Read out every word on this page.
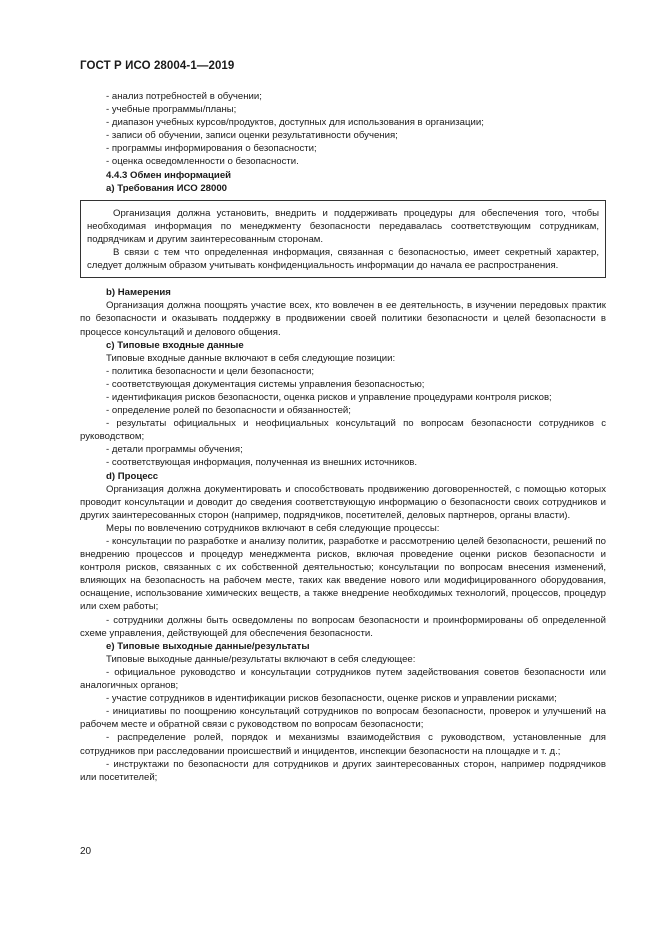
ГОСТ Р ИСО 28004-1—2019

- анализ потребностей в обучении;

- учебные программы/планы;

- диапазон учебных курсов/продуктов, доступных для использования в организации;

- записи об обучении, записи оценки результативности обучения;

- программы информирования о безопасности;

- оценка осведомленности о безопасности.

4.4.3 Обмен информацией

a) Требования ИСО 28000

Организация должна установить, внедрить и поддерживать процедуры для обеспечения того, чтобы необходимая информация по менеджменту безопасности передавалась соответствующим сотрудникам, подрядчикам и другим заинтересованным сторонам.

В связи с тем что определенная информация, связанная с безопасностью, имеет секретный характер, следует должным образом учитывать конфиденциальность информации до начала ее распространения.

b) Намерения

Организация должна поощрять участие всех, кто вовлечен в ее деятельность, в изучении передовых практик по безопасности и оказывать поддержку в продвижении своей политики безопасности и целей безопасности в процессе консультаций и делового общения.

c) Типовые входные данные

Типовые входные данные включают в себя следующие позиции:

- политика безопасности и цели безопасности;

- соответствующая документация системы управления безопасностью;

- идентификация рисков безопасности, оценка рисков и управление процедурами контроля рисков;

- определение ролей по безопасности и обязанностей;

- результаты официальных и неофициальных консультаций по вопросам безопасности сотрудников с руководством;

- детали программы обучения;

- соответствующая информация, полученная из внешних источников.

d) Процесс

Организация должна документировать и способствовать продвижению договоренностей, с помощью которых проводит консультации и доводит до сведения соответствующую информацию о безопасности своих сотрудников и других заинтересованных сторон (например, подрядчиков, посетителей, деловых партнеров, органы власти).

Меры по вовлечению сотрудников включают в себя следующие процессы:

- консультации по разработке и анализу политик, разработке и рассмотрению целей безопасности, решений по внедрению процессов и процедур менеджмента рисков, включая проведение оценки рисков безопасности и контроля рисков, связанных с их собственной деятельностью; консультации по вопросам внесения изменений, влияющих на безопасность на рабочем месте, таких как введение нового или модифицированного оборудования, оснащение, использование химических веществ, а также внедрение необходимых технологий, процессов, процедур или схем работы;

- сотрудники должны быть осведомлены по вопросам безопасности и проинформированы об определенной схеме управления, действующей для обеспечения безопасности.

e) Типовые выходные данные/результаты

Типовые выходные данные/результаты включают в себя следующее:

- официальное руководство и консультации сотрудников путем задействования советов безопасности или аналогичных органов;

- участие сотрудников в идентификации рисков безопасности, оценке рисков и управлении рисками;

- инициативы по поощрению консультаций сотрудников по вопросам безопасности, проверок и улучшений на рабочем месте и обратной связи с руководством по вопросам безопасности;

- распределение ролей, порядок и механизмы взаимодействия с руководством, установленные для сотрудников при расследовании происшествий и инцидентов, инспекции безопасности на площадке и т. д.;

- инструктажи по безопасности для сотрудников и других заинтересованных сторон, например подрядчиков или посетителей;

20
